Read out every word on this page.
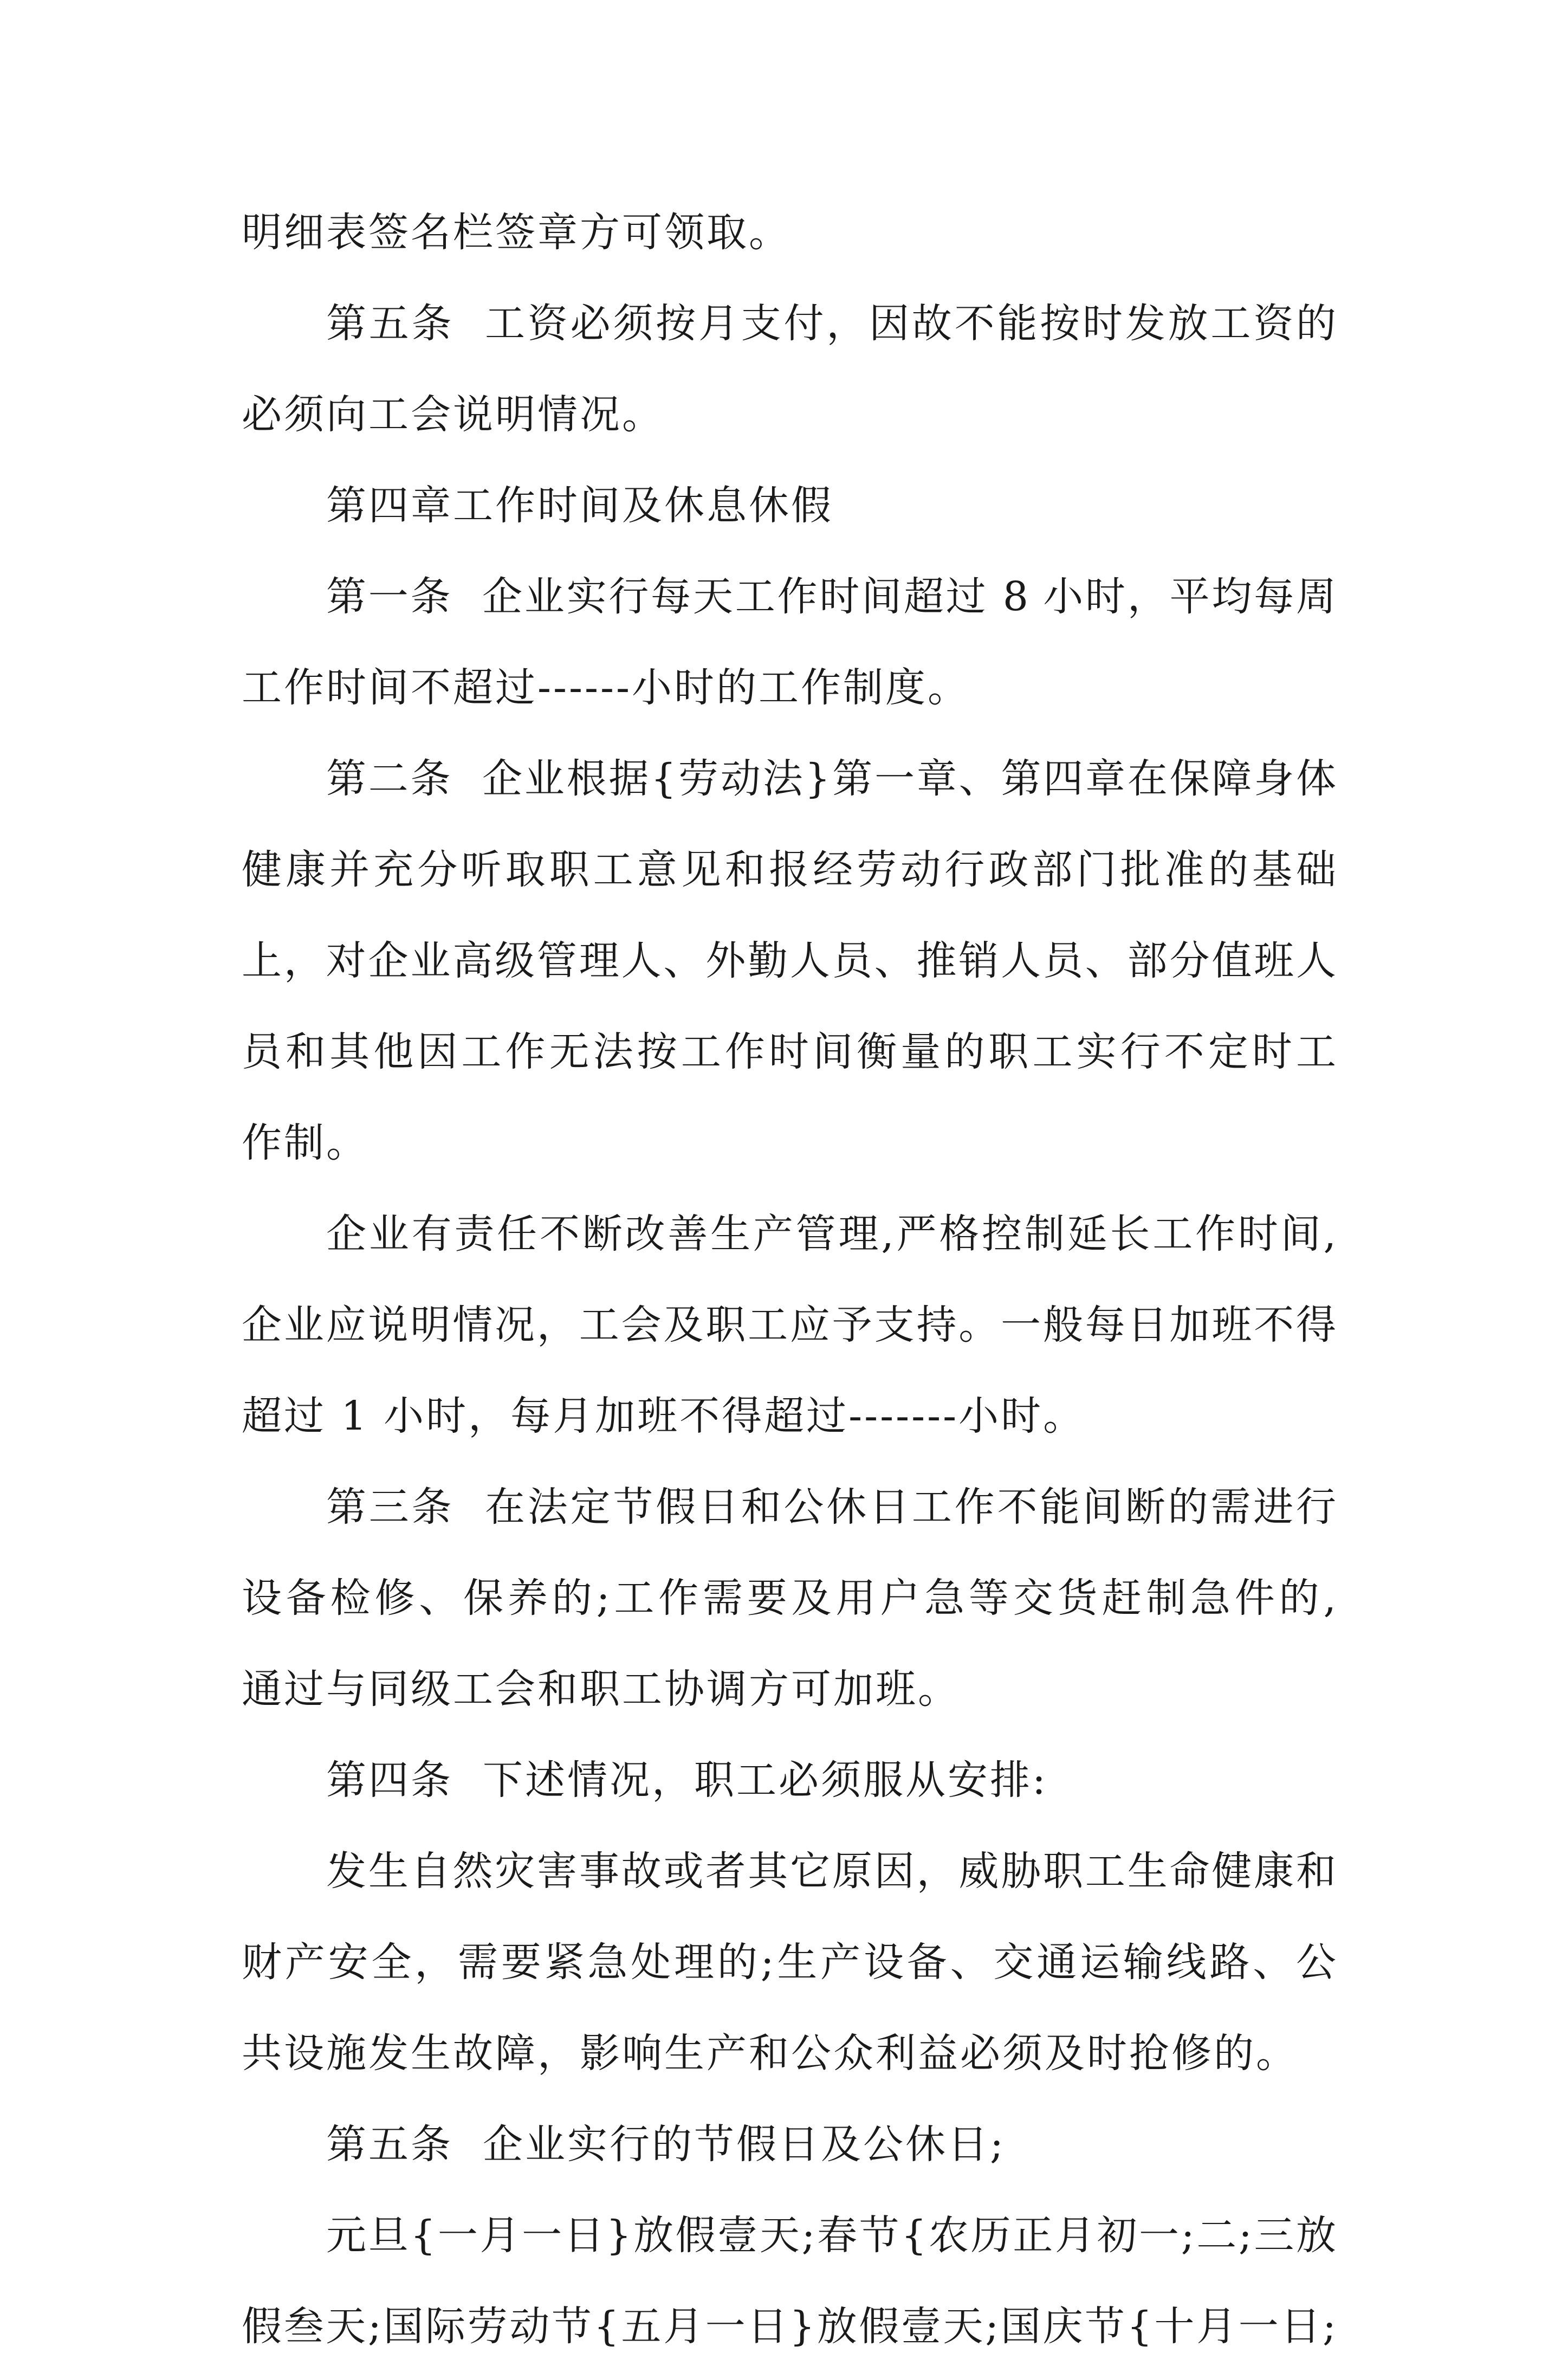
明细表签名栏签章方可领取。
第五条  工资必须按月支付，因故不能按时发放工资的
必须向工会说明情况。
第四章工作时间及休息休假
第一条  企业实行每天工作时间超过 8 小时，平均每周
工作时间不超过------小时的工作制度。
第二条  企业根据{劳动法}第一章、第四章在保障身体
健康并充分听取职工意见和报经劳动行政部门批准的基础
上，对企业高级管理人、外勤人员、推销人员、部分值班人
员和其他因工作无法按工作时间衡量的职工实行不定时工
作制。
企业有责任不断改善生产管理,严格控制延长工作时间,
企业应说明情况，工会及职工应予支持。一般每日加班不得
超过 1 小时，每月加班不得超过-------小时。
第三条  在法定节假日和公休日工作不能间断的需进行
设备检修、保养的;工作需要及用户急等交货赶制急件的,
通过与同级工会和职工协调方可加班。
第四条  下述情况，职工必须服从安排:
发生自然灾害事故或者其它原因，威胁职工生命健康和
财产安全，需要紧急处理的;生产设备、交通运输线路、公
共设施发生故障，影响生产和公众利益必须及时抢修的。
第五条  企业实行的节假日及公休日;
元旦{一月一日}放假壹天;春节{农历正月初一;二;三放
假叁天;国际劳动节{五月一日}放假壹天;国庆节{十月一日;
